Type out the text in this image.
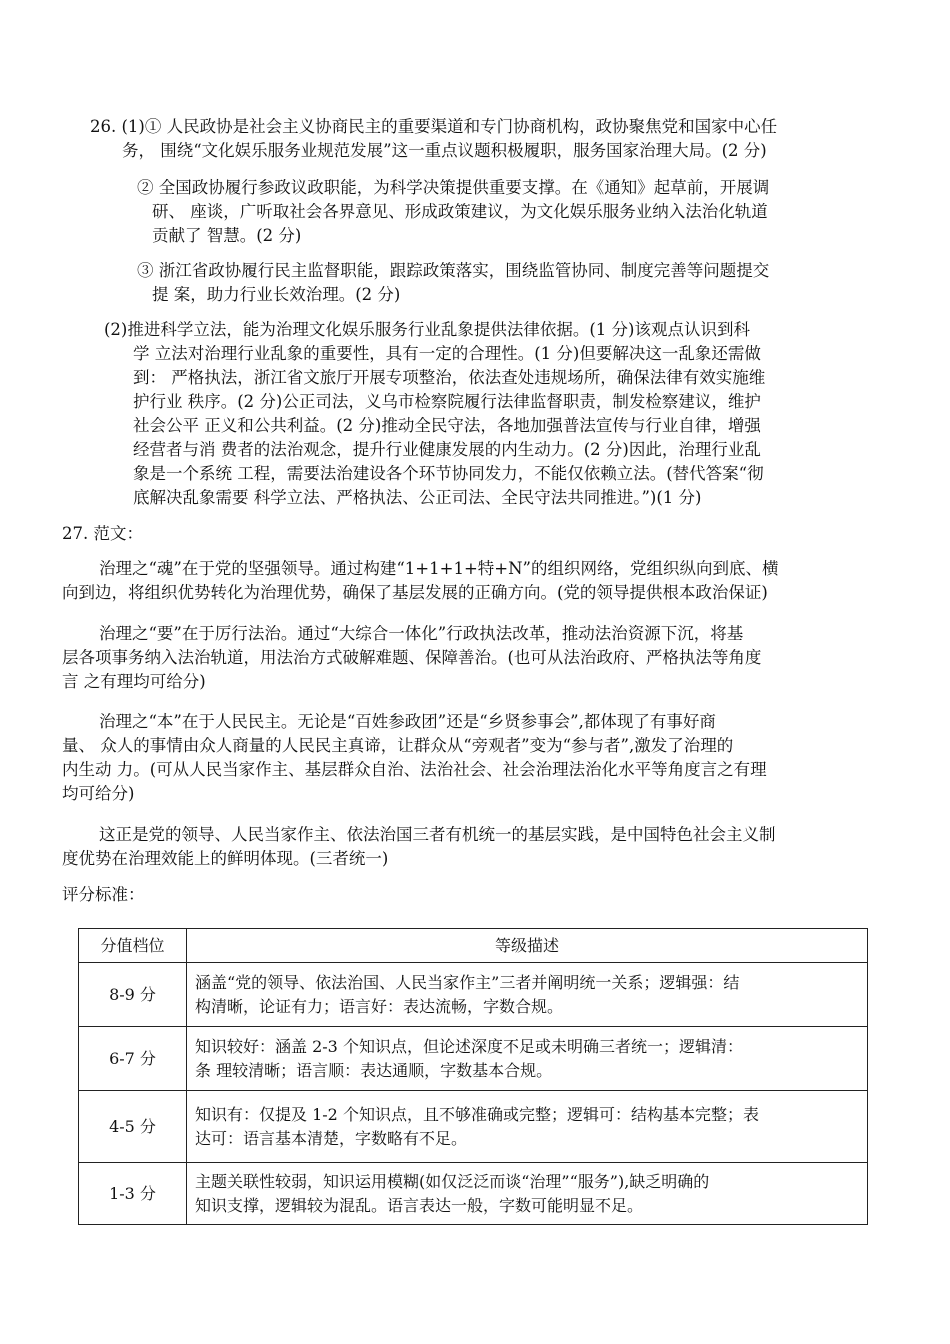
26. (1)① 人民政协是社会主义协商民主的重要渠道和专门协商机构，政协聚焦党和国家中心任
务， 围绕“文化娱乐服务业规范发展”这一重点议题积极履职，服务国家治理大局。(2 分)
② 全国政协履行参政议政职能，为科学决策提供重要支撑。在《通知》起草前，开展调
研、 座谈，广听取社会各界意见、形成政策建议，为文化娱乐服务业纳入法治化轨道
贡献了 智慧。(2 分)
③ 浙江省政协履行民主监督职能，跟踪政策落实，围绕监管协同、制度完善等问题提交
提 案，助力行业长效治理。(2 分)
(2)推进科学立法，能为治理文化娱乐服务行业乱象提供法律依据。(1 分)该观点认识到科
学 立法对治理行业乱象的重要性，具有一定的合理性。(1 分)但要解决这一乱象还需做
到： 严格执法，浙江省文旅厅开展专项整治，依法查处违规场所，确保法律有效实施维
护行业 秩序。(2 分)公正司法，义乌市检察院履行法律监督职责，制发检察建议，维护
社会公平 正义和公共利益。(2 分)推动全民守法，各地加强普法宣传与行业自律，增强
经营者与消 费者的法治观念，提升行业健康发展的内生动力。(2 分)因此，治理行业乱
象是一个系统 工程，需要法治建设各个环节协同发力，不能仅依赖立法。(替代答案“彻
底解决乱象需要 科学立法、严格执法、公正司法、全民守法共同推进。”)(1 分)
27. 范文：
治理之“魂”在于党的坚强领导。通过构建“1+1+1+特+N”的组织网络，党组织纵向到底、横
向到边，将组织优势转化为治理优势，确保了基层发展的正确方向。(党的领导提供根本政治保证)
治理之“要”在于厉行法治。通过“大综合一体化”行政执法改革，推动法治资源下沉，将基
层各项事务纳入法治轨道，用法治方式破解难题、保障善治。(也可从法治政府、严格执法等角度
言 之有理均可给分)
治理之“本”在于人民民主。无论是“百姓参政团”还是“乡贤参事会”,都体现了有事好商
量、 众人的事情由众人商量的人民民主真谛，让群众从“旁观者”变为“参与者”,激发了治理的
内生动 力。(可从人民当家作主、基层群众自治、法治社会、社会治理法治化水平等角度言之有理
均可给分)
这正是党的领导、人民当家作主、依法治国三者有机统一的基层实践，是中国特色社会主义制
度优势在治理效能上的鲜明体现。(三者统一)
评分标准：
分值档位	等级描述
8-9 分	涵盖“党的领导、依法治国、人民当家作主”三者并阐明统一关系；逻辑强：结
构清晰，论证有力；语言好：表达流畅，字数合规。

6-7 分	知识较好：涵盖 2-3 个知识点，但论述深度不足或未明确三者统一；逻辑清：
条 理较清晰；语言顺：表达通顺，字数基本合规。

4-5 分	知识有：仅提及 1-2 个知识点，且不够准确或完整；逻辑可：结构基本完整；表
达可：语言基本清楚，字数略有不足。

1-3 分	主题关联性较弱，知识运用模糊(如仅泛泛而谈“治理”“服务”),缺乏明确的
知识支撑，逻辑较为混乱。语言表达一般，字数可能明显不足。
